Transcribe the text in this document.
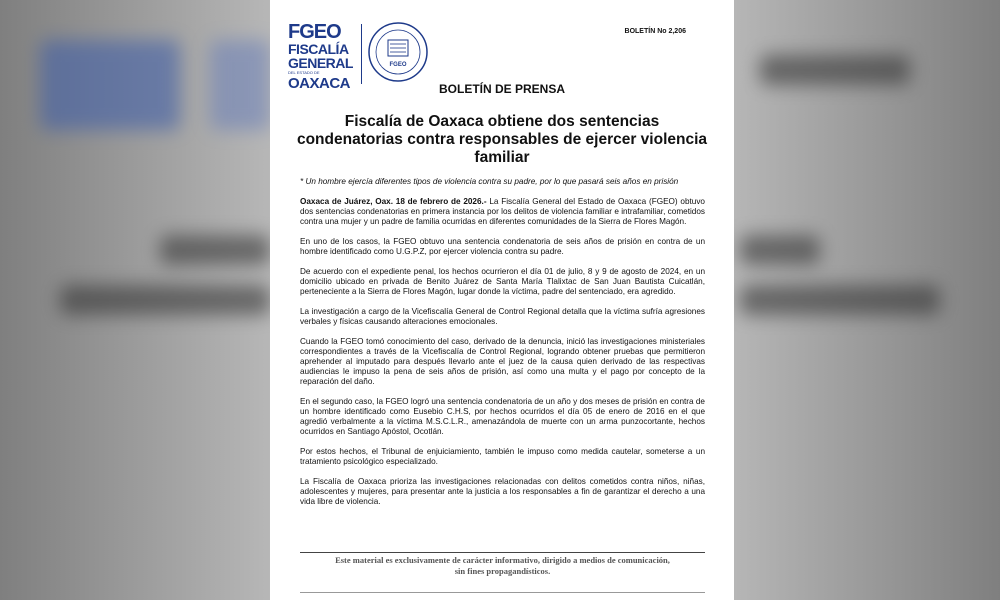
FGEO
FISCALÍA
GENERAL
DEL ESTADO DE
OAXACA
FGEO
BOLETÍN No 2,206
BOLETÍN DE PRENSA
Fiscalía de Oaxaca obtiene dos sentencias condenatorias contra responsables de ejercer violencia familiar
* Un hombre ejercía diferentes tipos de violencia contra su padre, por lo que pasará seis años en prisión

Oaxaca de Juárez, Oax. 18 de febrero de 2026.- La Fiscalía General del Estado de Oaxaca (FGEO) obtuvo dos sentencias condenatorias en primera instancia por los delitos de violencia familiar e intrafamiliar, cometidos contra una mujer y un padre de familia ocurridas en diferentes comunidades de la Sierra de Flores Magón.

En uno de los casos, la FGEO obtuvo una sentencia condenatoria de seis años de prisión en contra de un hombre identificado como U.G.P.Z, por ejercer violencia contra su padre.

De acuerdo con el expediente penal, los hechos ocurrieron el día 01 de julio, 8 y 9 de agosto de 2024, en un domicilio ubicado en privada de Benito Juárez de Santa María Tlalixtac de San Juan Bautista Cuicatlán, perteneciente a la Sierra de Flores Magón, lugar donde la víctima, padre del sentenciado, era agredido.

La investigación a cargo de la Vicefiscalía General de Control Regional detalla que la víctima sufría agresiones verbales y físicas causando alteraciones emocionales.

Cuando la FGEO tomó conocimiento del caso, derivado de la denuncia, inició las investigaciones ministeriales correspondientes a través de la Vicefiscalía de Control Regional, logrando obtener pruebas que permitieron aprehender al imputado para después llevarlo ante el juez de la causa quien derivado de las respectivas audiencias le impuso la pena de seis años de prisión, así como una multa y el pago por concepto de la reparación del daño.

En el segundo caso, la FGEO logró una sentencia condenatoria de un año y dos meses de prisión en contra de un hombre identificado como Eusebio C.H.S, por hechos ocurridos el día 05 de enero de 2016 en el que agredió verbalmente a la víctima M.S.C.L.R., amenazándola de muerte con un arma punzocortante, hechos ocurridos en Santiago Apóstol, Ocotlán.

Por estos hechos, el Tribunal de enjuiciamiento, también le impuso como medida cautelar, someterse a un tratamiento psicológico especializado.

La Fiscalía de Oaxaca prioriza las investigaciones relacionadas con delitos cometidos contra niños, niñas, adolescentes y mujeres, para presentar ante la justicia a los responsables a fin de garantizar el derecho a una vida libre de violencia.

Este material es exclusivamente de carácter informativo, dirigido a medios de comunicación,
sin fines propagandísticos.
